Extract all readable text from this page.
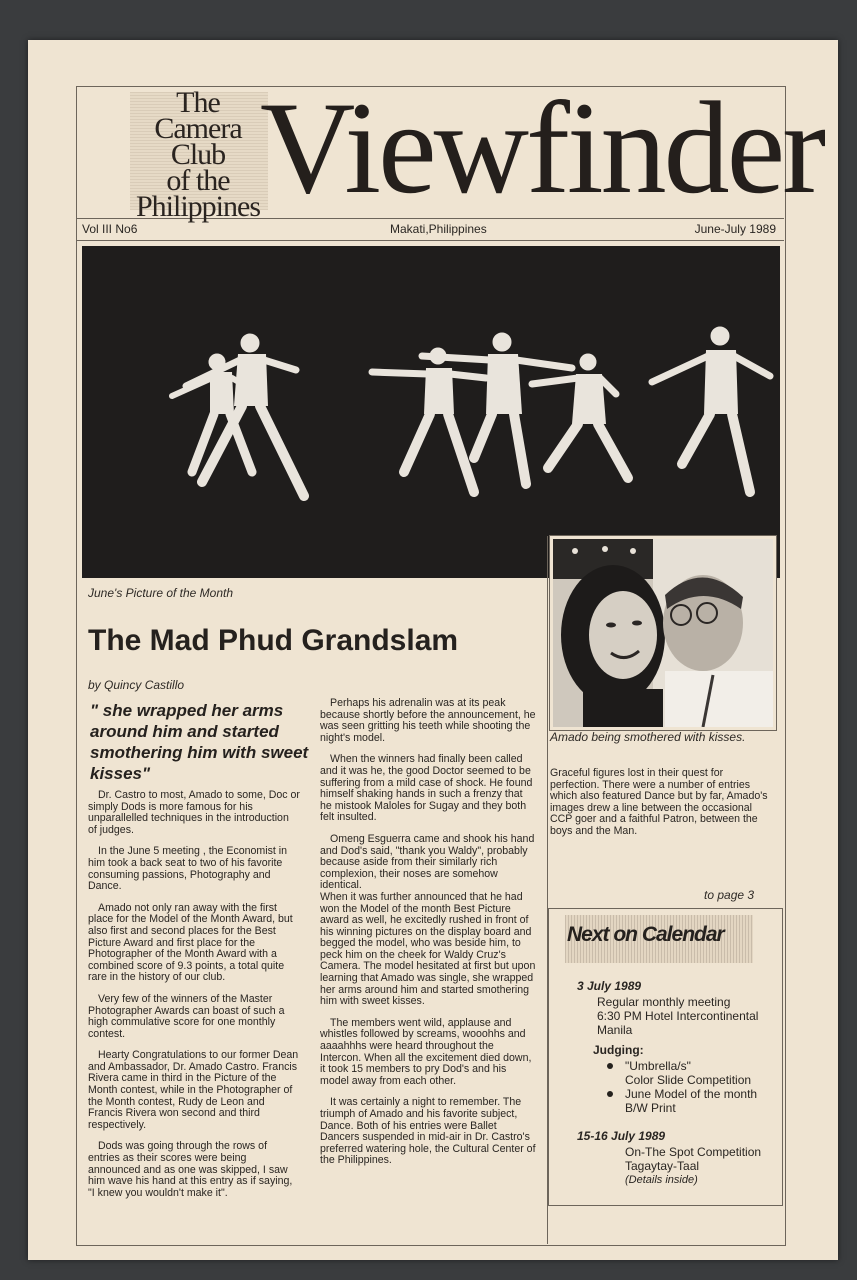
The
Camera Club
of the
Philippines Viewfinder
Vol III No6	Makati,Philippines	June-July 1989
June's Picture of the Month
Amado being smothered with kisses.
The Mad Phud Grandslam
by Quincy Castillo
" she wrapped her arms around him and started smothering him with sweet kisses"

Dr. Castro to most, Amado to some, Doc or simply Dods is more famous for his unparallelled techniques in the introduction of judges.

In the June 5 meeting , the Economist in him took a back seat to two of his favorite consuming passions, Photography and Dance.

Amado not only ran away with the first place for the Model of the Month Award, but also first and second places for the Best Picture Award and first place for the Photographer of the Month Award with a combined score of 9.3 points, a total quite rare in the history of our club.

Very few of the winners of the Master Photographer Awards can boast of such a high commulative score for one monthly contest.

Hearty Congratulations to our former Dean and Ambassador, Dr. Amado Castro. Francis Rivera came in third in the Picture of the Month contest, while in the Photographer of the Month contest, Rudy de Leon and Francis Rivera won second and third respectively.

Dods was going through the rows of entries as their scores were being announced and as one was skipped, I saw him wave his hand at this entry as if saying, "I knew you wouldn't make it".

Perhaps his adrenalin was at its peak because shortly before the announcement, he was seen gritting his teeth while shooting the night's model.

When the winners had finally been called and it was he, the good Doctor seemed to be suffering from a mild case of shock. He found himself shaking hands in such a frenzy that he mistook Maloles for Sugay and they both felt insulted.

Omeng Esguerra came and shook his hand and Dod's said, "thank you Waldy", probably because aside from their similarly rich complexion, their noses are somehow identical.

When it was further announced that he had won the Model of the month Best Picture award as well, he excitedly rushed in front of his winning pictures on the display board and begged the model, who was beside him, to peck him on the cheek for Waldy Cruz's Camera. The model hesitated at first but upon learning that Amado was single, she wrapped her arms around him and started smothering him with sweet kisses.

The members went wild, applause and whistles followed by screams, wooohhs and aaaahhhs were heard throughout the Intercon. When all the excitement died down, it took 15 members to pry Dod's and his model away from each other.

It was certainly a night to remember. The triumph of Amado and his favorite subject, Dance. Both of his entries were Ballet Dancers suspended in mid-air in Dr. Castro's preferred watering hole, the Cultural Center of the Philippines.

Graceful figures lost in their quest for perfection. There were a number of entries which also featured Dance but by far, Amado's images drew a line between the occasional CCP goer and a faithful Patron, between the boys and the Man.

to page 3
Next on Calendar
3 July 1989
Regular monthly meeting
6:30 PM Hotel Intercontinental
Manila
Judging:
"Umbrella/s"
Color Slide Competition
June Model of the month
B/W Print
15-16 July 1989
On-The Spot Competition
Tagaytay-Taal
(Details inside)
